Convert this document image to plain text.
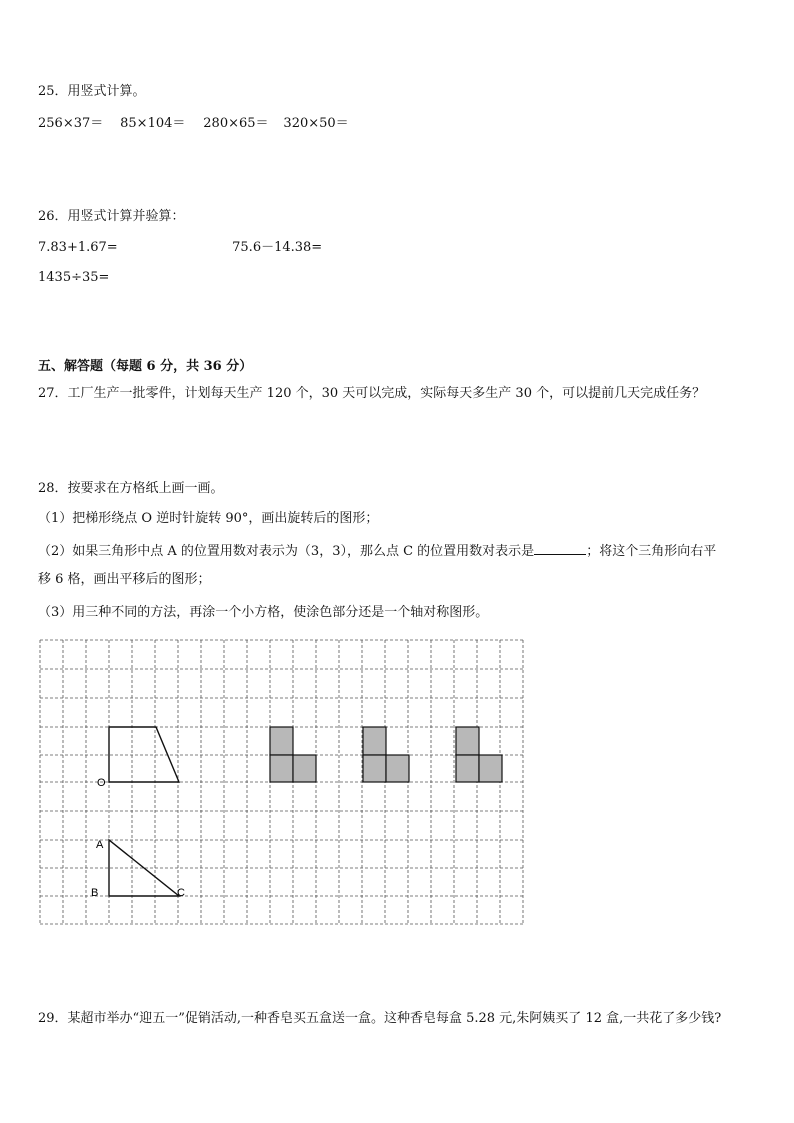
25．用竖式计算。
256×37＝ 85×104＝ 280×65＝ 320×50＝
26．用竖式计算并验算：
7.83+1.67=	75.6－14.38=
1435÷35=
五、解答题（每题 6 分，共 36 分）
27．工厂生产一批零件，计划每天生产 120 个，30 天可以完成，实际每天多生产 30 个，可以提前几天完成任务？
28．按要求在方格纸上画一画。
（1）把梯形绕点 O 逆时针旋转 90°，画出旋转后的图形；
（2）如果三角形中点 A 的位置用数对表示为（3，3），那么点 C 的位置用数对表示是	；将这个三角形向右平
移 6 格，画出平移后的图形；
（3）用三种不同的方法，再涂一个小方格，使涂色部分还是一个轴对称图形。
O
A
B	C
29．某超市举办“迎五一”促销活动,一种香皂买五盒送一盒。这种香皂每盒 5.28 元,朱阿姨买了 12 盒,一共花了多少钱?
